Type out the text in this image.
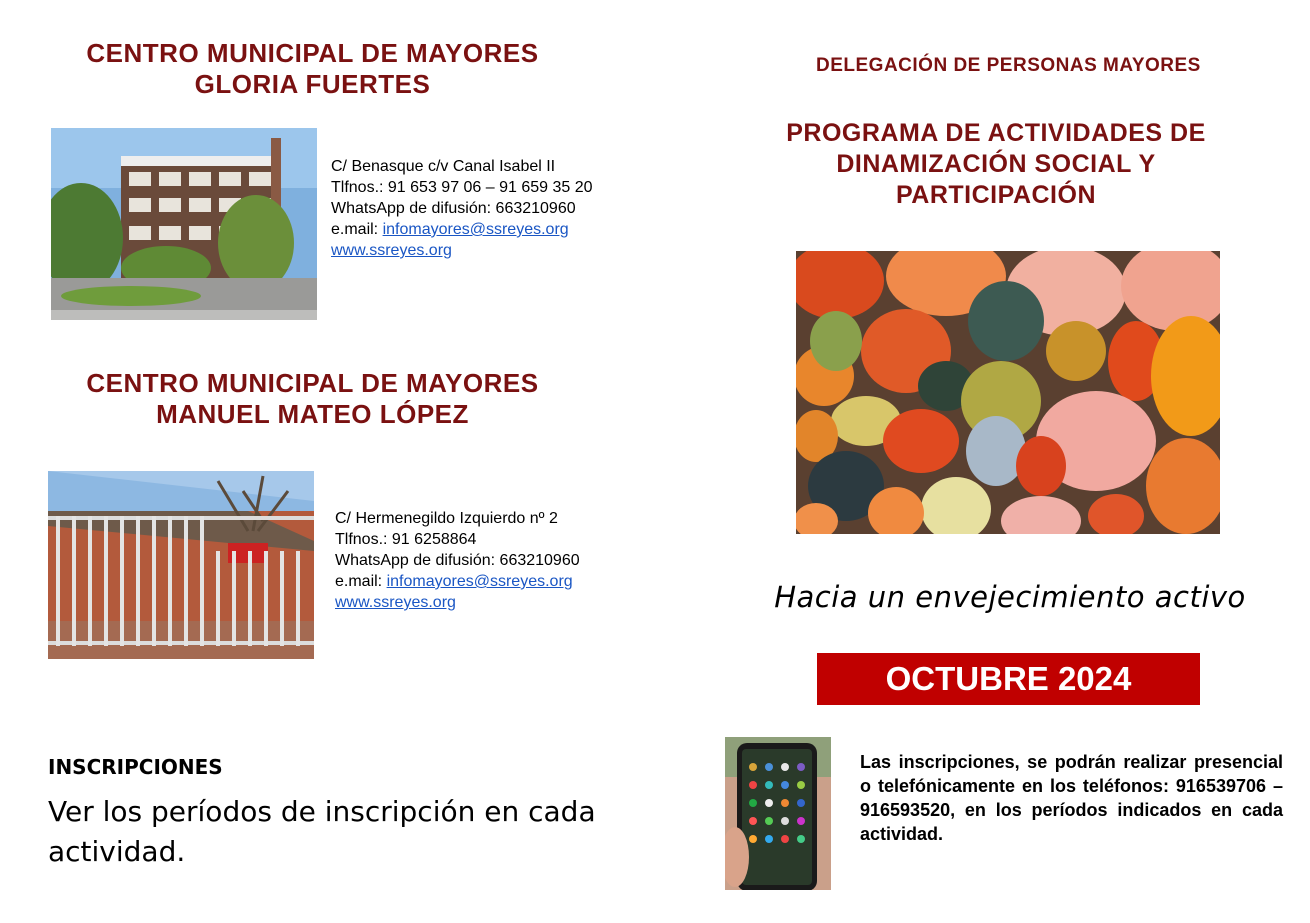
CENTRO MUNICIPAL DE MAYORES
GLORIA FUERTES
C/ Benasque c/v Canal Isabel II
Tlfnos.: 91 653 97 06 – 91 659 35 20
WhatsApp de difusión: 663210960
e.mail: infomayores@ssreyes.org
www.ssreyes.org
CENTRO MUNICIPAL DE MAYORES
MANUEL MATEO LÓPEZ
C/ Hermenegildo Izquierdo nº 2
Tlfnos.: 91 6258864
WhatsApp de difusión: 663210960
e.mail: infomayores@ssreyes.org
www.ssreyes.org
INSCRIPCIONES
Ver los períodos de inscripción en cada actividad.
DELEGACIÓN DE PERSONAS MAYORES
PROGRAMA DE ACTIVIDADES DE
DINAMIZACIÓN SOCIAL Y
PARTICIPACIÓN
Hacia un envejecimiento activo
OCTUBRE 2024
Las inscripciones, se podrán realizar presencial o telefónicamente en los teléfonos: 916539706 – 916593520, en los períodos indicados en cada actividad.
